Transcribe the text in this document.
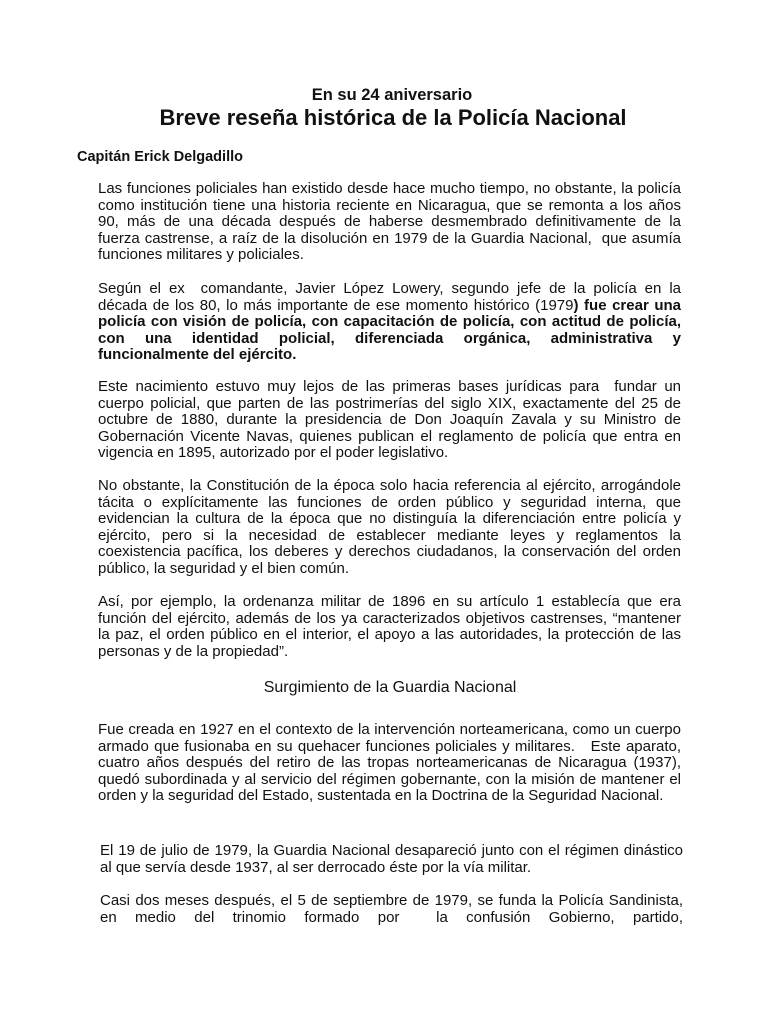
En su 24 aniversario
Breve reseña histórica de la Policía Nacional
Capitán Erick Delgadillo

Las funciones policiales han existido desde hace mucho tiempo, no obstante, la policía como institución tiene una historia reciente en Nicaragua, que se remonta a los años 90, más de una década después de haberse desmembrado definitivamente de la fuerza castrense, a raíz de la disolución en 1979 de la Guardia Nacional,  que asumía funciones militares y policiales.

Según el ex  comandante, Javier López Lowery, segundo jefe de la policía en la década de los 80, lo más importante de ese momento histórico (1979) fue crear una policía con visión de policía, con capacitación de policía, con actitud de policía, con una identidad policial, diferenciada orgánica, administrativa y funcionalmente del ejército.

Este nacimiento estuvo muy lejos de las primeras bases jurídicas para  fundar un cuerpo policial, que parten de las postrimerías del siglo XIX, exactamente del 25 de octubre de 1880, durante la presidencia de Don Joaquín Zavala y su Ministro de Gobernación Vicente Navas, quienes publican el reglamento de policía que entra en vigencia en 1895, autorizado por el poder legislativo.

No obstante, la Constitución de la época solo hacia referencia al ejército, arrogándole tácita o explícitamente las funciones de orden público y seguridad interna, que evidencian la cultura de la época que no distinguía la diferenciación entre policía y ejército, pero si la necesidad de establecer mediante leyes y reglamentos la coexistencia pacífica, los deberes y derechos ciudadanos, la conservación del orden público, la seguridad y el bien común.

Así, por ejemplo, la ordenanza militar de 1896 en su artículo 1 establecía que era función del ejército, además de los ya caracterizados objetivos castrenses, “mantener la paz, el orden público en el interior, el apoyo a las autoridades, la protección de las personas y de la propiedad”.

Surgimiento de la Guardia Nacional

Fue creada en 1927 en el contexto de la intervención norteamericana, como un cuerpo armado que fusionaba en su quehacer funciones policiales y militares.   Este aparato, cuatro años después del retiro de las tropas norteamericanas de Nicaragua (1937), quedó subordinada y al servicio del régimen gobernante, con la misión de mantener el orden y la seguridad del Estado, sustentada en la Doctrina de la Seguridad Nacional.

El 19 de julio de 1979, la Guardia Nacional desapareció junto con el régimen dinástico al que servía desde 1937, al ser derrocado éste por la vía militar.

Casi dos meses después, el 5 de septiembre de 1979, se funda la Policía Sandinista, en medio del trinomio formado por  la confusión Gobierno, partido,
